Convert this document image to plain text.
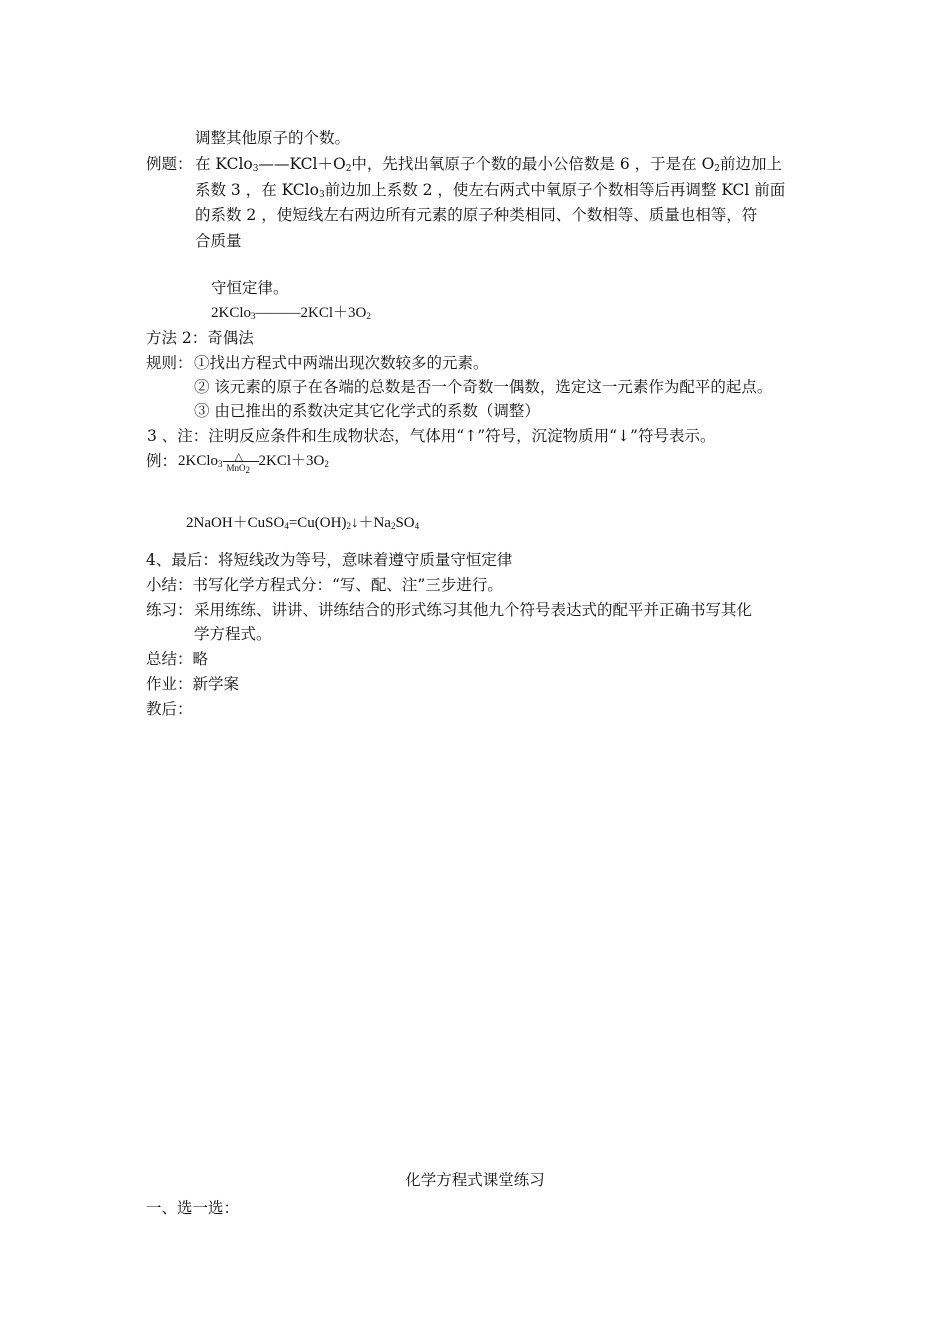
调整其他原子的个数。
例题： 在 $KClo_3——KCl+O_2$中，先找出氧原子个数的最小公倍数是 6 ，于是在 $O_2$前边加上
系数 3 ，在 KClo$_3$前边加上系数 2 ，使左右两式中氧原子个数相等后再调整 KCl 前面
的系数 2 ，使短线左右两边所有元素的原子种类相同、个数相等、质量也相等，符
合质量
守恒定律。
$2KClo_3———2KCl+3O_2$
方法 2：奇偶法
规则： ①找出方程式中两端出现次数较多的元素。
② 该元素的原子在各端的总数是否一个奇数一偶数，选定这一元素作为配平的起点。
③ 由已推出的系数决定其它化学式的系数（调整）
3 、注：注明反应条件和生成物状态，气体用“↑”符号，沉淀物质用“↓”符号表示。
例： 2KClo$_3$
△
MnO$_2$
$2KCl+3O_2$
$2NaOH+CuSO_4=Cu(OH)_2↓+Na_2SO_4$
4、最后：将短线改为等号，意味着遵守质量守恒定律
小结：书写化学方程式分：“写、配、注”三步进行。
练习： 采用练练、讲讲、讲练结合的形式练习其他九个符号表达式的配平并正确书写其化
学方程式。
总结：略
作业：新学案
教后：
化学方程式课堂练习
一、选一选：
